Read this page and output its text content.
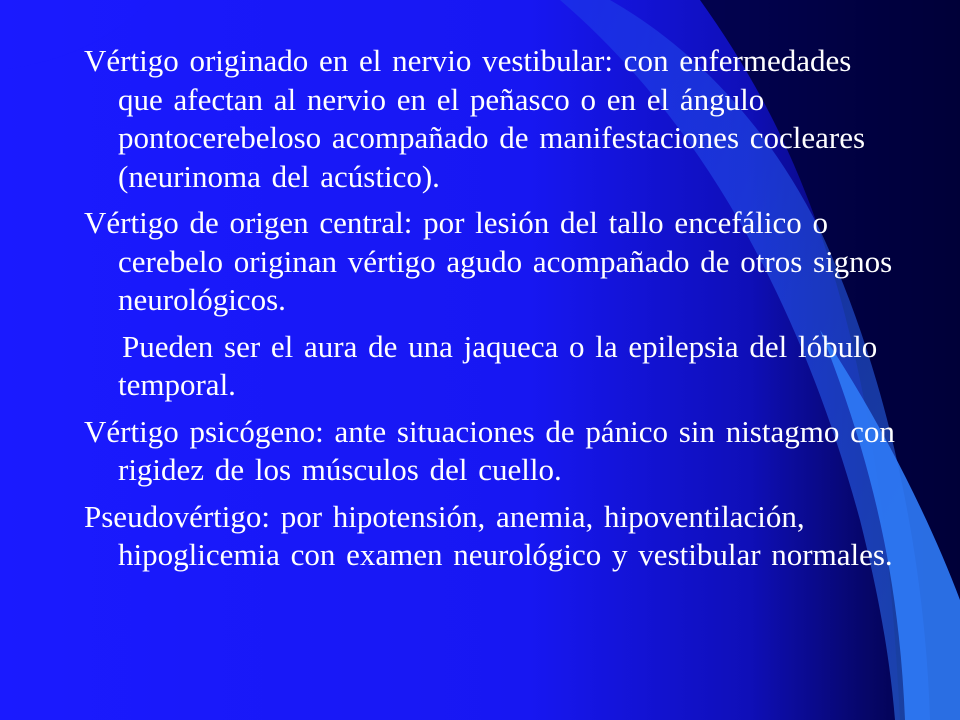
Vértigo originado en el nervio vestibular: con enfermedades que afectan al nervio en el peñasco o en el ángulo pontocerebeloso acompañado de manifestaciones cocleares (neurinoma del acústico).

Vértigo de origen central: por lesión del tallo encefálico o cerebelo originan vértigo agudo acompañado de otros signos neurológicos.

Pueden ser el aura de una jaqueca o la epilepsia del lóbulo temporal.

Vértigo psicógeno: ante situaciones de pánico sin nistagmo con rigidez de los músculos del cuello.

Pseudovértigo: por hipotensión, anemia, hipoventilación, hipoglicemia con examen neurológico y vestibular normales.
